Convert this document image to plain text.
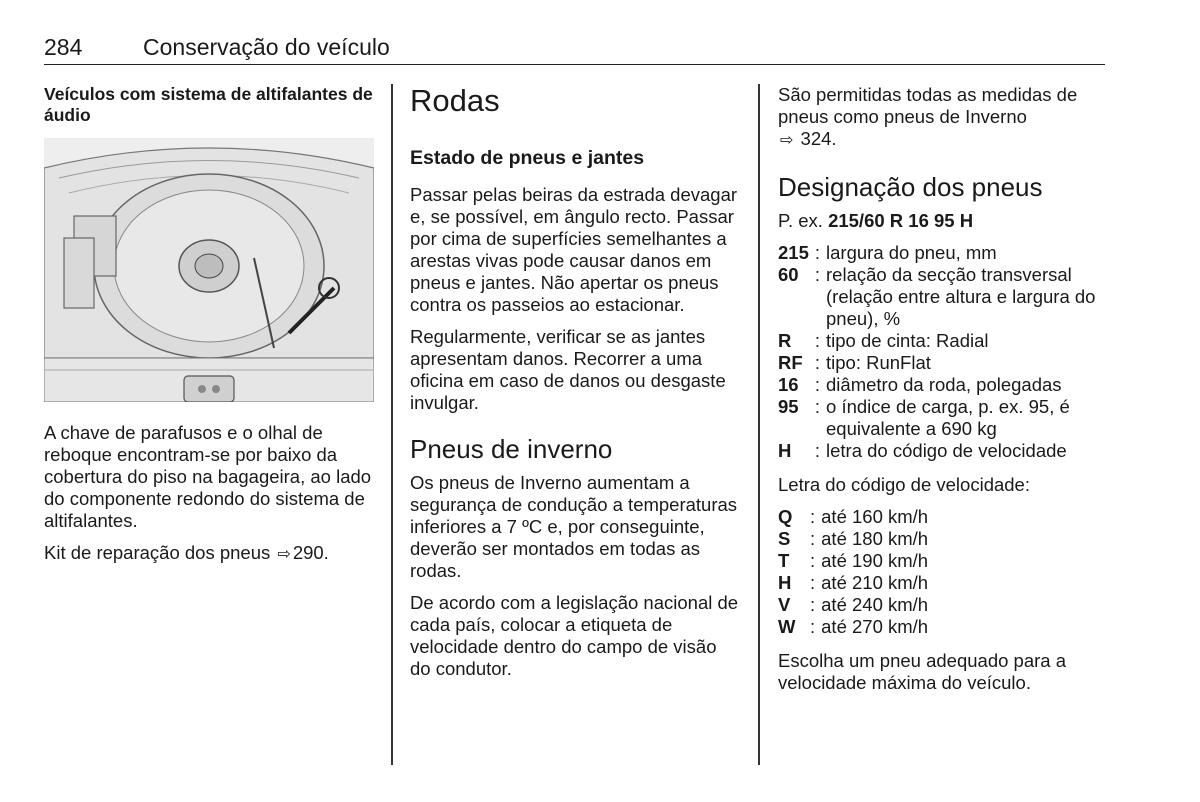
284	Conservação do veículo
Veículos com sistema de altifalantes de áudio

A chave de parafusos e o olhal de reboque encontram-se por baixo da cobertura do piso na bagageira, ao lado do componente redondo do sistema de altifalantes.

Kit de reparação dos pneus ⇨ 290.

Rodas
Estado de pneus e jantes

Passar pelas beiras da estrada devagar e, se possível, em ângulo recto. Passar por cima de superfícies semelhantes a arestas vivas pode causar danos em pneus e jantes. Não apertar os pneus contra os passeios ao estacionar.

Regularmente, verificar se as jantes apresentam danos. Recorrer a uma oficina em caso de danos ou desgaste invulgar.

Pneus de inverno

Os pneus de Inverno aumentam a segurança de condução a temperaturas inferiores a 7 ºC e, por conseguinte, deverão ser montados em todas as rodas.

De acordo com a legislação nacional de cada país, colocar a etiqueta de velocidade dentro do campo de visão do condutor.

São permitidas todas as medidas de pneus como pneus de Inverno
⇨ 324.

Designação dos pneus
P. ex. 215/60 R 16 95 H
215	:	largura do pneu, mm
60	:	relação da secção transversal (relação entre altura e largura do pneu), %
R	:	tipo de cinta: Radial
RF	:	tipo: RunFlat
16	:	diâmetro da roda, polegadas
95	:	o índice de carga, p. ex. 95, é equivalente a 690 kg
H	:	letra do código de velocidade

Letra do código de velocidade:

Q	:	até 160 km/h
S	:	até 180 km/h
T	:	até 190 km/h
H	:	até 210 km/h
V	:	até 240 km/h
W	:	até 270 km/h

Escolha um pneu adequado para a velocidade máxima do veículo.
